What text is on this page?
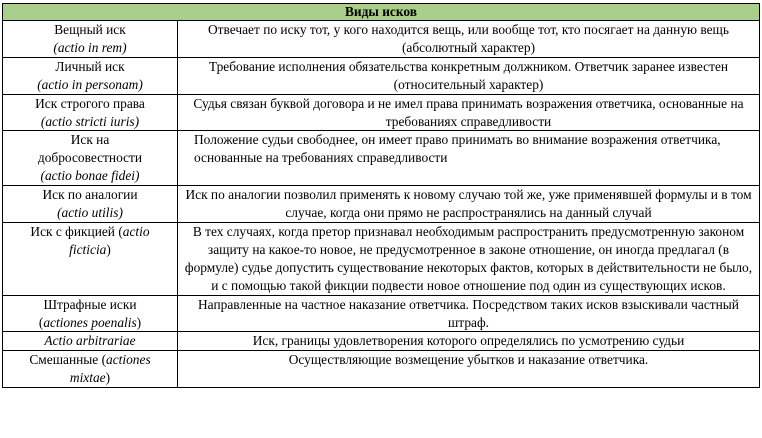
Виды исков	

Вещный иск
(actio in rem)	Отвечает по иску тот, у кого находится вещь, или вообще тот, кто посягает на данную вещь (абсолютный характер)

Личный иск
(actio in personam)	Требование исполнения обязательства конкретным должником. Ответчик заранее известен (относительный характер)

Иск строгого права
(actio stricti iuris)	Судья связан буквой договора и не имел права принимать возражения ответчика, основанные на требованиях справедливости

Иск на
добросовестности
(actio bonae fidei)	Положение судьи свободнее, он имеет право принимать во внимание возражения ответчика, основанные на требованиях справедливости

Иск по аналогии
(actio utilis)	Иск по аналогии позволил применять к новому случаю той же, уже применявшей формулы и в том случае, когда они прямо не распространялись на данный случай

Иск с фикцией (actio
ficticia)	В тех случаях, когда претор признавал необходимым распространить предусмотренную законом защиту на какое-то новое, не предусмотренное в законе отношение, он иногда предлагал (в формуле) судье допустить существование некоторых фактов, которых в действительности не было, и с помощью такой фикции подвести новое отношение под один из существующих исков.

Штрафные иски
(actiones poenalis)	Направленные на частное наказание ответчика. Посредством таких исков взыскивали частный штраф.

Actio arbitrariae	Иск, границы удовлетворения которого определялись по усмотрению судьи

Смешанные (actiones
mixtae)	Осуществляющие возмещение убытков и наказание ответчика.
